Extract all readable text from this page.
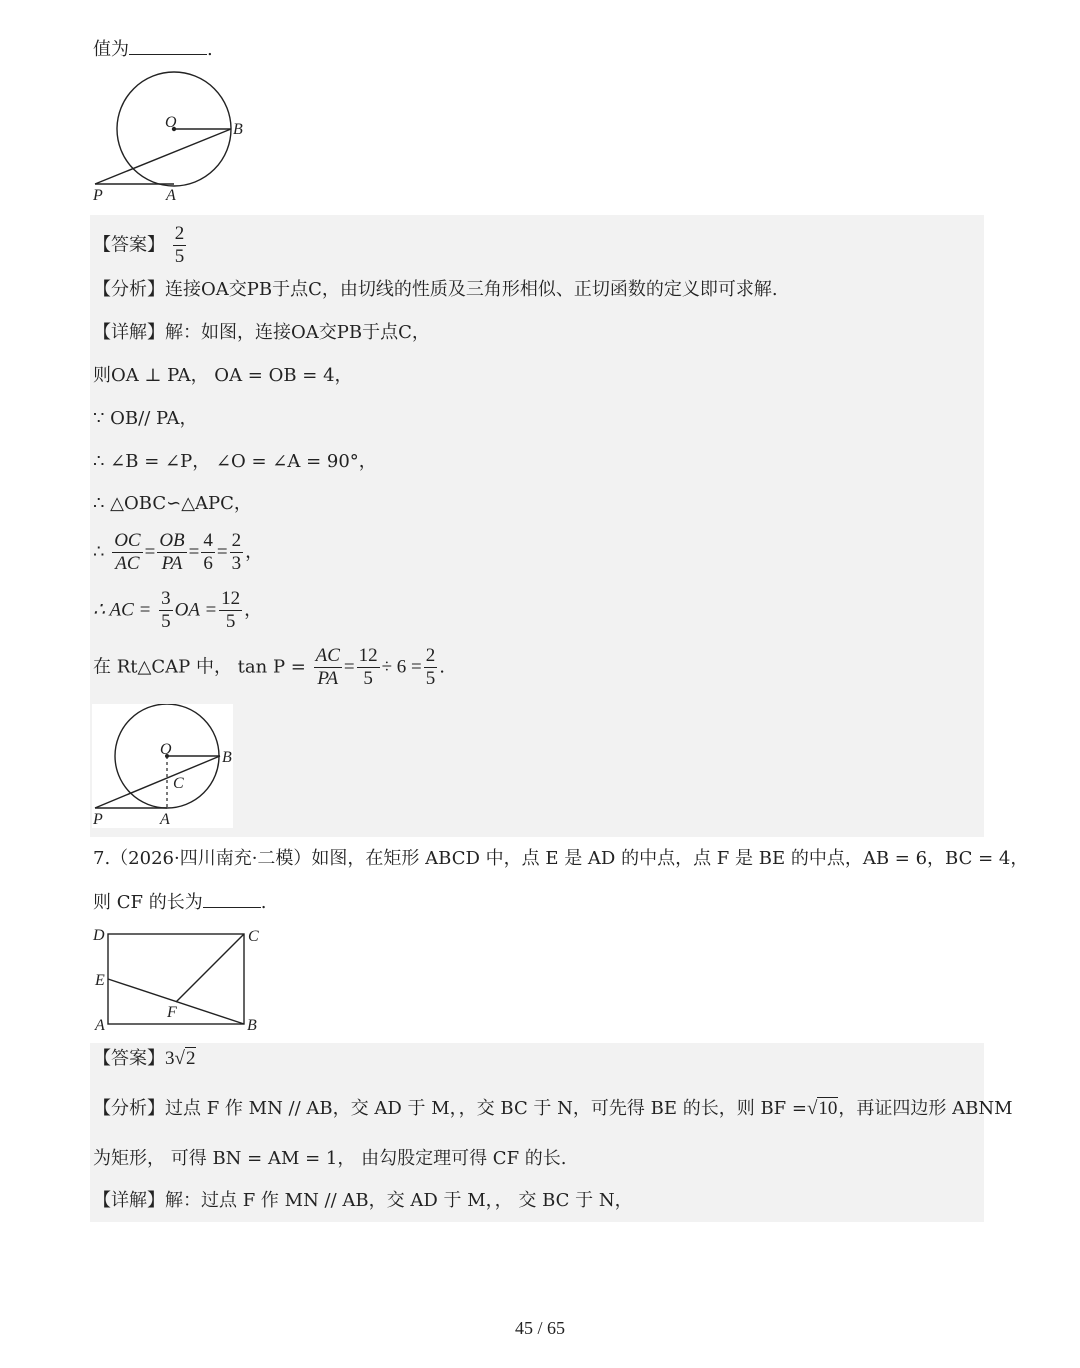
值为	.
O	B
P	A
【答案】 $\frac{2}{5}$
【分析】连接OA交PB于点C，由切线的性质及三角形相似、正切函数的定义即可求解.
【详解】解：如图，连接OA交PB于点C，
则OA ⊥ PA， OA = OB = 4，
∵ OB// PA，
∴ ∠B = ∠P， ∠O = ∠A = 90°，
∴ △OBC∽△APC，
∴ $\frac{OC}{AC} = \frac{OB}{PA} = \frac{4}{6} = \frac{2}{3}$ ，
∴ AC = $\frac{3}{5}$ OA = $\frac{12}{5}$ ，
在 Rt△CAP 中， $\tan P = \frac{AC}{PA} = \frac{12}{5} \div 6 = \frac{2}{5}$ .
O	B
C
P	A
7.（2026·四川南充·二模）如图，在矩形 ABCD 中，点 E 是 AD 的中点，点 F 是 BE 的中点，AB = 6，BC = 4，
则 CF 的长为	.
D	C
E
F
A	B
【答案】3√2
【分析】过点 F 作 MN // AB，交 AD 于 M，，交 BC 于 N，可先得 BE 的长，则 BF =√10，再证四边形 ABNM
为矩形， 可得 BN = AM = 1， 由勾股定理可得 CF 的长.
【详解】解：过点 F 作 MN // AB，交 AD 于 M，， 交 BC 于 N，
45 / 65
